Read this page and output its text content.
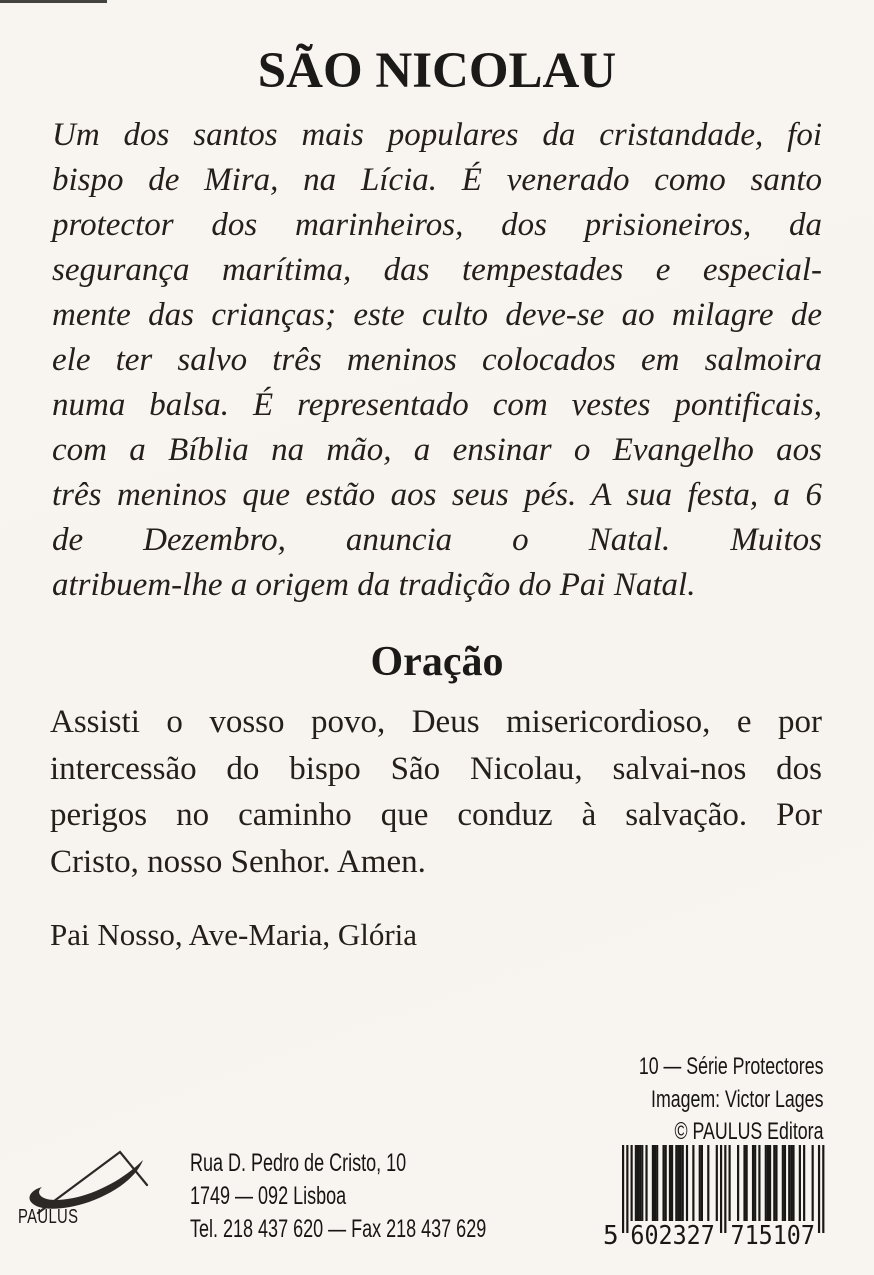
SÃO NICOLAU
Um dos santos mais populares da cristandade, foi
bispo de Mira, na Lícia. É venerado como santo
protector dos marinheiros, dos prisioneiros, da
segurança marítima, das tempestades e especial-
mente das crianças; este culto deve-se ao milagre de
ele ter salvo três meninos colocados em salmoira
numa balsa. É representado com vestes pontificais,
com a Bíblia na mão, a ensinar o Evangelho aos
três meninos que estão aos seus pés. A sua festa, a 6
de Dezembro, anuncia o Natal. Muitos
atribuem-lhe a origem da tradição do Pai Natal.
Oração
Assisti o vosso povo, Deus misericordioso, e por
intercessão do bispo São Nicolau, salvai-nos dos
perigos no caminho que conduz à salvação. Por
Cristo, nosso Senhor. Amen.
Pai Nosso, Ave-Maria, Glória
10 — Série Protectores
Imagem: Victor Lages
© PAULUS Editora
PAULUS
Rua D. Pedro de Cristo, 10
1749 — 092 Lisboa
Tel. 218 437 620 — Fax 218 437 629	5 602327 715107
